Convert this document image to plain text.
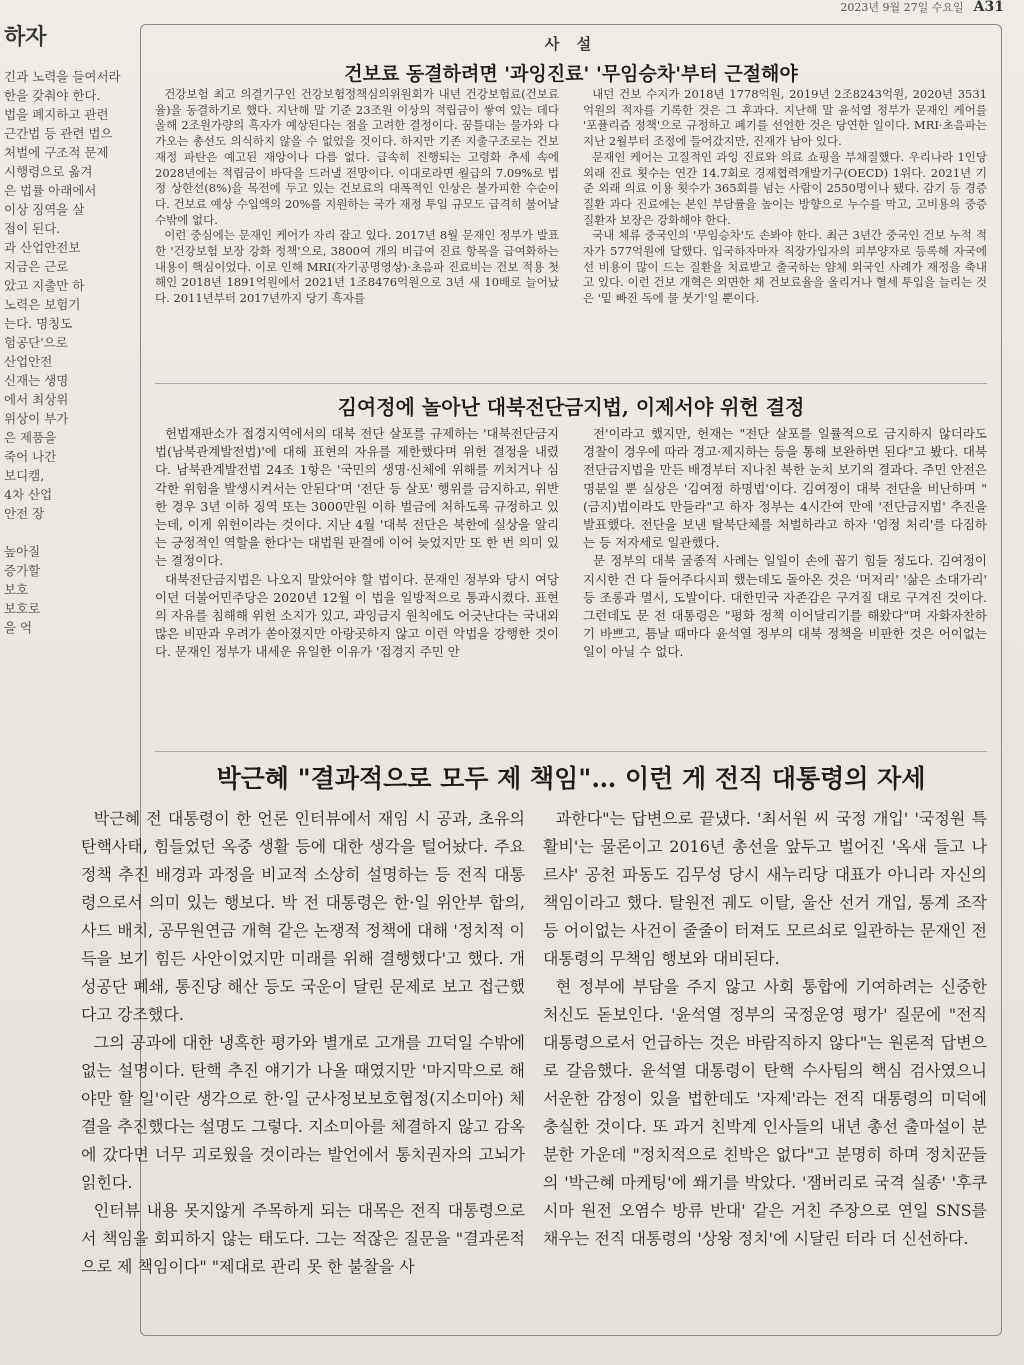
2023년 9월 27일 수요일 A31
하자

긴과 노력을 들여서라

한을 갖춰야 한다.

법을 폐지하고 관련

근간법 등 관련 법으

처벌에 구조적 문제

시행령으로 옮겨

은 법률 아래에서

이상 징역을 살

접이 된다.

과 산업안전보

지금은 근로

았고 지출만 하

노력은 보험기

는다. 명칭도

험공단'으로

산업안전

신재는 생명

에서 최상위

위상이 부가

은 제품을

죽어 나간

보디캠,

4차 산업

안전 장

높아질

증가할

보호

보호로

을 억

사 설
건보료 동결하려면 '과잉진료' '무임승차'부터 근절해야

건강보험 최고 의결기구인 건강보험정책심의위원회가 내년 건강보험료(건보료율)을 동결하기로 했다. 지난해 말 기준 23조원 이상의 적립금이 쌓여 있는 데다 올해 2조원가량의 흑자가 예상된다는 점을 고려한 결정이다. 꿈틀대는 물가와 다가오는 총선도 의식하지 않을 수 없었을 것이다. 하지만 기존 지출구조로는 건보 재정 파탄은 예고된 재앙이나 다름 없다. 급속히 진행되는 고령화 추세 속에 2028년에는 적립금이 바닥을 드러낼 전망이다. 이대로라면 월급의 7.09%로 법정 상한선(8%)을 목전에 두고 있는 건보료의 대폭적인 인상은 불가피한 수순이다. 건보료 예상 수입액의 20%를 지원하는 국가 재정 투입 규모도 급격히 불어날 수밖에 없다.

이런 중심에는 문재인 케어가 자리 잡고 있다. 2017년 8월 문재인 정부가 발표한 '건강보험 보장 강화 정책'으로, 3800여 개의 비급여 진료 항목을 급여화하는 내용이 핵심이었다. 이로 인해 MRI(자기공명영상)·초음파 진료비는 건보 적용 첫해인 2018년 1891억원에서 2021년 1조8476억원으로 3년 새 10배로 늘어났다. 2011년부터 2017년까지 당기 흑자를

내던 건보 수지가 2018년 1778억원, 2019년 2조8243억원, 2020년 3531억원의 적자를 기록한 것은 그 후과다. 지난해 말 윤석열 정부가 문재인 케어를 '포퓰리즘 정책'으로 규정하고 폐기를 선언한 것은 당연한 일이다. MRI·초음파는 지난 2월부터 조정에 들어갔지만, 진재가 남아 있다.

문재인 케어는 고질적인 과잉 진료와 의료 쇼핑을 부채질했다. 우리나라 1인당 외래 진료 횟수는 연간 14.7회로 경제협력개발기구(OECD) 1위다. 2021년 기준 외래 의료 이용 횟수가 365회를 넘는 사람이 2550명이나 됐다. 감기 등 경증 질환 과다 진료에는 본인 부담률을 높이는 방향으로 누수를 막고, 고비용의 중증 질환자 보장은 강화해야 한다.

국내 체류 중국인의 '무임승차'도 손봐야 한다. 최근 3년간 중국인 건보 누적 적자가 577억원에 달했다. 입국하자마자 직장가입자의 피부양자로 등록해 자국에선 비용이 많이 드는 질환을 치료받고 출국하는 얌체 외국인 사례가 재정을 축내고 있다. 이런 건보 개혁은 외면한 채 건보료율을 올리거나 혈세 투입을 늘리는 것은 '밑 빠진 독에 물 붓기'일 뿐이다.

김여정에 놀아난 대북전단금지법, 이제서야 위헌 결정

헌법재판소가 접경지역에서의 대북 전단 살포를 규제하는 '대북전단금지법(남북관계발전법)'에 대해 표현의 자유를 제한했다며 위헌 결정을 내렸다. 남북관계발전법 24조 1항은 '국민의 생명·신체에 위해를 끼치거나 심각한 위험을 발생시켜서는 안된다'며 '전단 등 살포' 행위를 금지하고, 위반한 경우 3년 이하 징역 또는 3000만원 이하 벌금에 처하도록 규정하고 있는데, 이게 위헌이라는 것이다. 지난 4월 '대북 전단은 북한에 실상을 알리는 긍정적인 역할을 한다'는 대법원 판결에 이어 늦었지만 또 한 번 의미 있는 결정이다.

대북전단금지법은 나오지 말았어야 할 법이다. 문재인 정부와 당시 여당이던 더불어민주당은 2020년 12월 이 법을 일방적으로 통과시켰다. 표현의 자유를 침해해 위헌 소지가 있고, 과잉금지 원칙에도 어긋난다는 국내외 많은 비판과 우려가 쏟아졌지만 아랑곳하지 않고 이런 악법을 강행한 것이다. 문재인 정부가 내세운 유일한 이유가 '접경지 주민 안

전'이라고 했지만, 헌재는 "전단 살포를 일률적으로 금지하지 않더라도 경찰이 경우에 따라 경고·제지하는 등을 통해 보완하면 된다"고 봤다. 대북전단금지법을 만든 배경부터 지나친 북한 눈치 보기의 결과다. 주민 안전은 명분일 뿐 실상은 '김여정 하명법'이다. 김여정이 대북 전단을 비난하며 "(금지)법이라도 만들라"고 하자 정부는 4시간여 만에 '전단금지법' 추진을 발표했다. 전단을 보낸 탈북단체를 처벌하라고 하자 '엄정 처리'를 다짐하는 등 저자세로 일관했다.

문 정부의 대북 굴종적 사례는 일일이 손에 꼽기 힘들 정도다. 김여정이 지시한 건 다 들어주다시피 했는데도 돌아온 것은 '머저리' '삶은 소대가리' 등 조롱과 멸시, 도발이다. 대한민국 자존감은 구겨질 대로 구겨진 것이다. 그런데도 문 전 대통령은 "평화 정책 이어달리기를 해왔다"며 자화자찬하기 바쁘고, 틈날 때마다 윤석열 정부의 대북 정책을 비판한 것은 어이없는 일이 아닐 수 없다.

박근혜 "결과적으로 모두 제 책임"… 이런 게 전직 대통령의 자세

박근혜 전 대통령이 한 언론 인터뷰에서 재임 시 공과, 초유의 탄핵사태, 힘들었던 옥중 생활 등에 대한 생각을 털어놨다. 주요 정책 추진 배경과 과정을 비교적 소상히 설명하는 등 전직 대통령으로서 의미 있는 행보다. 박 전 대통령은 한·일 위안부 합의, 사드 배치, 공무원연금 개혁 같은 논쟁적 정책에 대해 '정치적 이득을 보기 힘든 사안이었지만 미래를 위해 결행했다'고 했다. 개성공단 폐쇄, 통진당 해산 등도 국운이 달린 문제로 보고 접근했다고 강조했다.

그의 공과에 대한 냉혹한 평가와 별개로 고개를 끄덕일 수밖에 없는 설명이다. 탄핵 추진 얘기가 나올 때였지만 '마지막으로 해야만 할 일'이란 생각으로 한·일 군사정보보호협정(지소미아) 체결을 추진했다는 설명도 그렇다. 지소미아를 체결하지 않고 감옥에 갔다면 너무 괴로웠을 것이라는 발언에서 통치권자의 고뇌가 읽힌다.

인터뷰 내용 못지않게 주목하게 되는 대목은 전직 대통령으로서 책임을 회피하지 않는 태도다. 그는 적잖은 질문을 "결과론적으로 제 책임이다" "제대로 관리 못 한 불찰을 사

과한다"는 답변으로 끝냈다. '최서원 씨 국정 개입' '국정원 특활비'는 물론이고 2016년 총선을 앞두고 벌어진 '옥새 들고 나르샤' 공천 파동도 김무성 당시 새누리당 대표가 아니라 자신의 책임이라고 했다. 탈원전 궤도 이탈, 울산 선거 개입, 통계 조작 등 어이없는 사건이 줄줄이 터져도 모르쇠로 일관하는 문재인 전 대통령의 무책임 행보와 대비된다.

현 정부에 부담을 주지 않고 사회 통합에 기여하려는 신중한 처신도 돋보인다. '윤석열 정부의 국정운영 평가' 질문에 "전직 대통령으로서 언급하는 것은 바람직하지 않다"는 원론적 답변으로 갈음했다. 윤석열 대통령이 탄핵 수사팀의 핵심 검사였으니 서운한 감정이 있을 법한데도 '자제'라는 전직 대통령의 미덕에 충실한 것이다. 또 과거 친박계 인사들의 내년 총선 출마설이 분분한 가운데 "정치적으로 친박은 없다"고 분명히 하며 정치꾼들의 '박근혜 마케팅'에 쐐기를 박았다. '잼버리로 국격 실종' '후쿠시마 원전 오염수 방류 반대' 같은 거친 주장으로 연일 SNS를 채우는 전직 대통령의 '상왕 정치'에 시달린 터라 더 신선하다.
